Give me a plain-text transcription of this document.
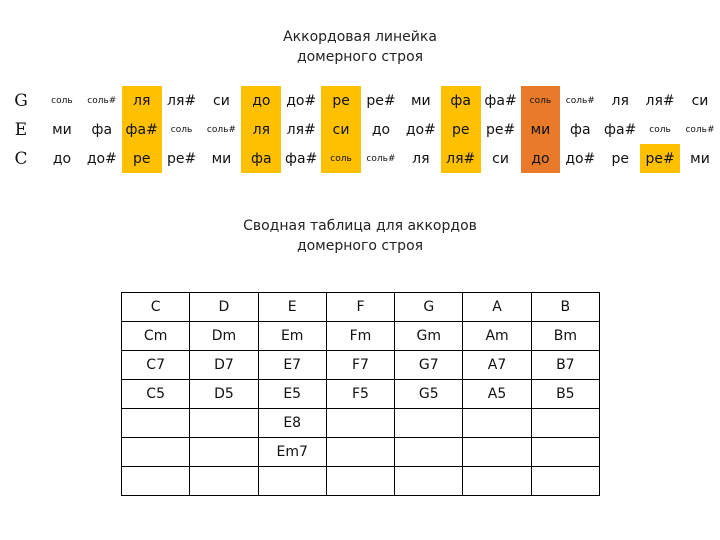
Аккордовая линейка
домерного строя
G	соль	соль#	ля	ля#	си	до	до#	ре	ре#	ми	фа	фа#	соль	соль#	ля	ля#	си
E	ми	фа	фа#	соль	соль#	ля	ля#	си	до	до#	ре	ре#	ми	фа	фа#	соль	соль#
C	до	до#	ре	ре#	ми	фа	фа#	соль	соль#	ля	ля#	си	до	до#	ре	ре#	ми
Сводная таблица для аккордов
домерного строя
C	D	E	F	G	A	B
Cm	Dm	Em	Fm	Gm	Am	Bm
C7	D7	E7	F7	G7	A7	B7
C5	D5	E5	F5	G5	A5	B5
		E8				
		Em7				
